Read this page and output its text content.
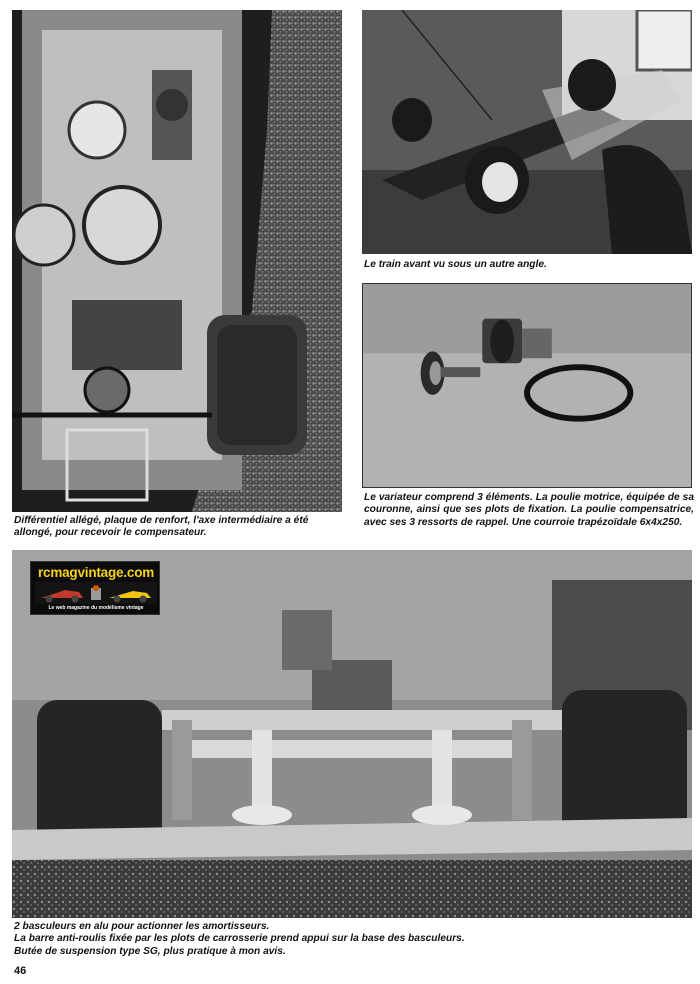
rcmagvintage.com
Le web magazine du modélisme vintage
Le train avant vu sous un autre angle.
Le variateur comprend 3 éléments. La poulie motrice, équipée de sa couronne, ainsi que ses plots de fixation. La poulie compensatrice, avec ses 3 ressorts de rappel. Une courroie trapézoïdale 6x4x250.
Différentiel allégé, plaque de renfort, l'axe intermédiaire a été allongé, pour recevoir le compensateur.
2 basculeurs en alu pour actionner les amortisseurs.
La barre anti-roulis fixée par les plots de carrosserie prend appui sur la base des basculeurs.
Butée de suspension type SG, plus pratique à mon avis.
46
